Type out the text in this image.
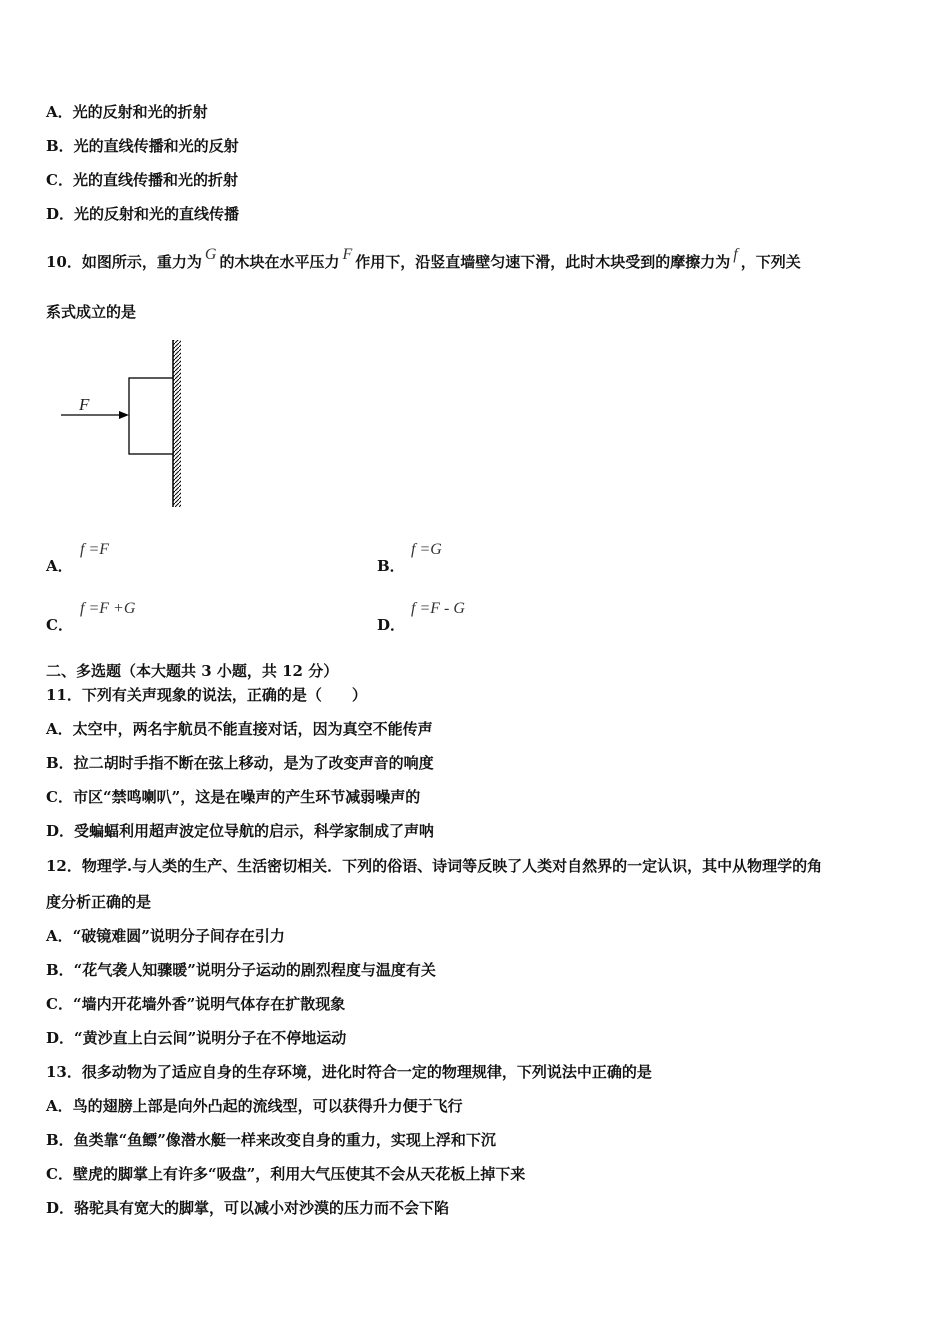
A．光的反射和光的折射
B．光的直线传播和光的反射
C．光的直线传播和光的折射
D．光的反射和光的直线传播
10．如图所示，重力为 G 的木块在水平压力 F 作用下，沿竖直墙壁匀速下滑，此时木块受到的摩擦力为 f ，下列关
系式成立的是
F
A．
f =F
B．
f =G
C．
f =F +G
D．
f =F - G
二、多选题（本大题共 3 小题，共 12 分）
11．下列有关声现象的说法，正确的是（　　）
A．太空中，两名宇航员不能直接对话，因为真空不能传声
B．拉二胡时手指不断在弦上移动，是为了改变声音的响度
C．市区“禁鸣喇叭”，这是在噪声的产生环节减弱噪声的
D．受蝙蝠利用超声波定位导航的启示，科学家制成了声呐
12．物理学.与人类的生产、生活密切相关．下列的俗语、诗词等反映了人类对自然界的一定认识，其中从物理学的角
度分析正确的是
A．“破镜难圆”说明分子间存在引力
B．“花气袭人知骤暖”说明分子运动的剧烈程度与温度有关
C．“墙内开花墙外香”说明气体存在扩散现象
D．“黄沙直上白云间”说明分子在不停地运动
13．很多动物为了适应自身的生存环境，进化时符合一定的物理规律，下列说法中正确的是
A．鸟的翅膀上部是向外凸起的流线型，可以获得升力便于飞行
B．鱼类靠“鱼鳔”像潜水艇一样来改变自身的重力，实现上浮和下沉
C．壁虎的脚掌上有许多“吸盘”，利用大气压使其不会从天花板上掉下来
D．骆驼具有宽大的脚掌，可以减小对沙漠的压力而不会下陷
